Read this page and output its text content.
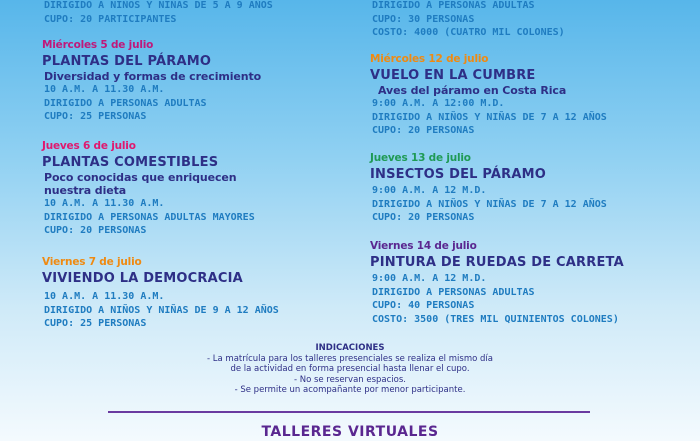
DIRIGIDO A NIÑOS Y NIÑAS DE 5 A 9 AÑOS
CUPO: 20 PARTICIPANTES
Miércoles 5 de julio
PLANTAS DEL PÁRAMO
Diversidad y formas de crecimiento
10 A.M. A 11.30 A.M.
DIRIGIDO A PERSONAS ADULTAS
CUPO: 25 PERSONAS
Jueves 6 de julio
PLANTAS COMESTIBLES
Poco conocidas que enriquecen
nuestra dieta
10 A.M. A 11.30 A.M.
DIRIGIDO A PERSONAS ADULTAS MAYORES
CUPO: 20 PERSONAS
Viernes 7 de julio
VIVIENDO LA DEMOCRACIA
10 A.M. A 11.30 A.M.
DIRIGIDO A NIÑOS Y NIÑAS DE 9 A 12 AÑOS
CUPO: 25 PERSONAS
DIRIGIDO A PERSONAS ADULTAS
CUPO: 30 PERSONAS
COSTO: 4000 (CUATRO MIL COLONES)
Miércoles 12 de julio
VUELO EN LA CUMBRE
Aves del páramo en Costa Rica
9:00 A.M. A 12:00 M.D.
DIRIGIDO A NIÑOS Y NIÑAS DE 7 A 12 AÑOS
CUPO: 20 PERSONAS
Jueves 13 de julio
INSECTOS DEL PÁRAMO
9:00 A.M. A 12 M.D.
DIRIGIDO A NIÑOS Y NIÑAS DE 7 A 12 AÑOS
CUPO: 20 PERSONAS
Viernes 14 de julio
PINTURA DE RUEDAS DE CARRETA
9:00 A.M. A 12 M.D.
DIRIGIDO A PERSONAS ADULTAS
CUPO: 40 PERSONAS
COSTO: 3500 (TRES MIL QUINIENTOS COLONES)
INDICACIONES
- La matrícula para los talleres presenciales se realiza el mismo día
de la actividad en forma presencial hasta llenar el cupo.
- No se reservan espacios.
- Se permite un acompañante por menor participante.
TALLERES VIRTUALES
